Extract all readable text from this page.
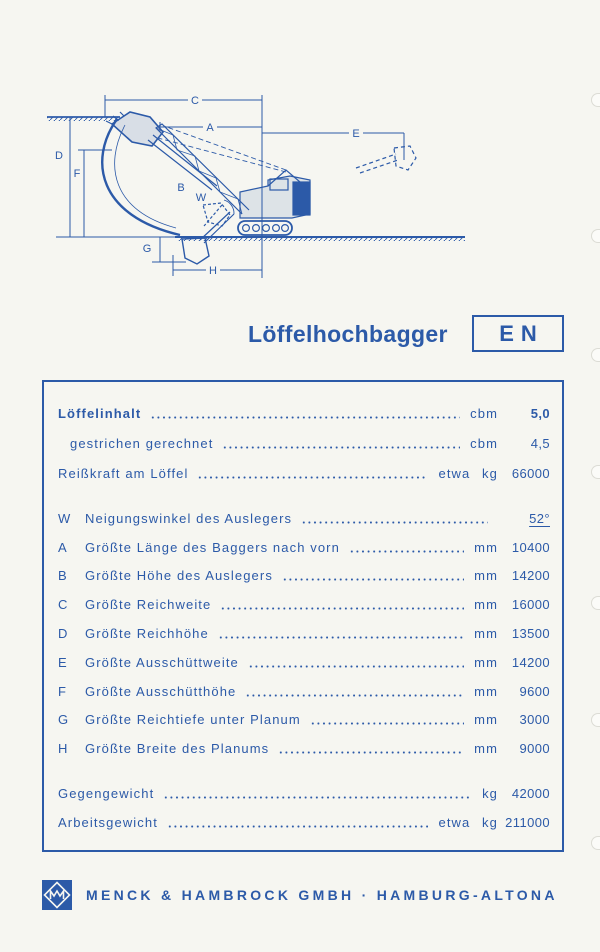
C
A	E
D
F
B
W
G
H
Löffelhochbagger EN
Löffelinhalt	cbm	5,0
gestrichen gerechnet	cbm	4,5
Reißkraft am Löffel	etwa kg	66000
W	Neigungswinkel des Auslegers	52°
A	Größte Länge des Baggers nach vorn	mm	10400
B	Größte Höhe des Auslegers	mm	14200
C	Größte Reichweite	mm	16000
D	Größte Reichhöhe	mm	13500
E	Größte Ausschüttweite	mm	14200
F	Größte Ausschütthöhe	mm	9600
G	Größte Reichtiefe unter Planum	mm	3000
H	Größte Breite des Planums	mm	9000
Gegengewicht	kg	42000
Arbeitsgewicht	etwa kg 211000
MENCK & HAMBROCK GMBH · HAMBURG-ALTONA
